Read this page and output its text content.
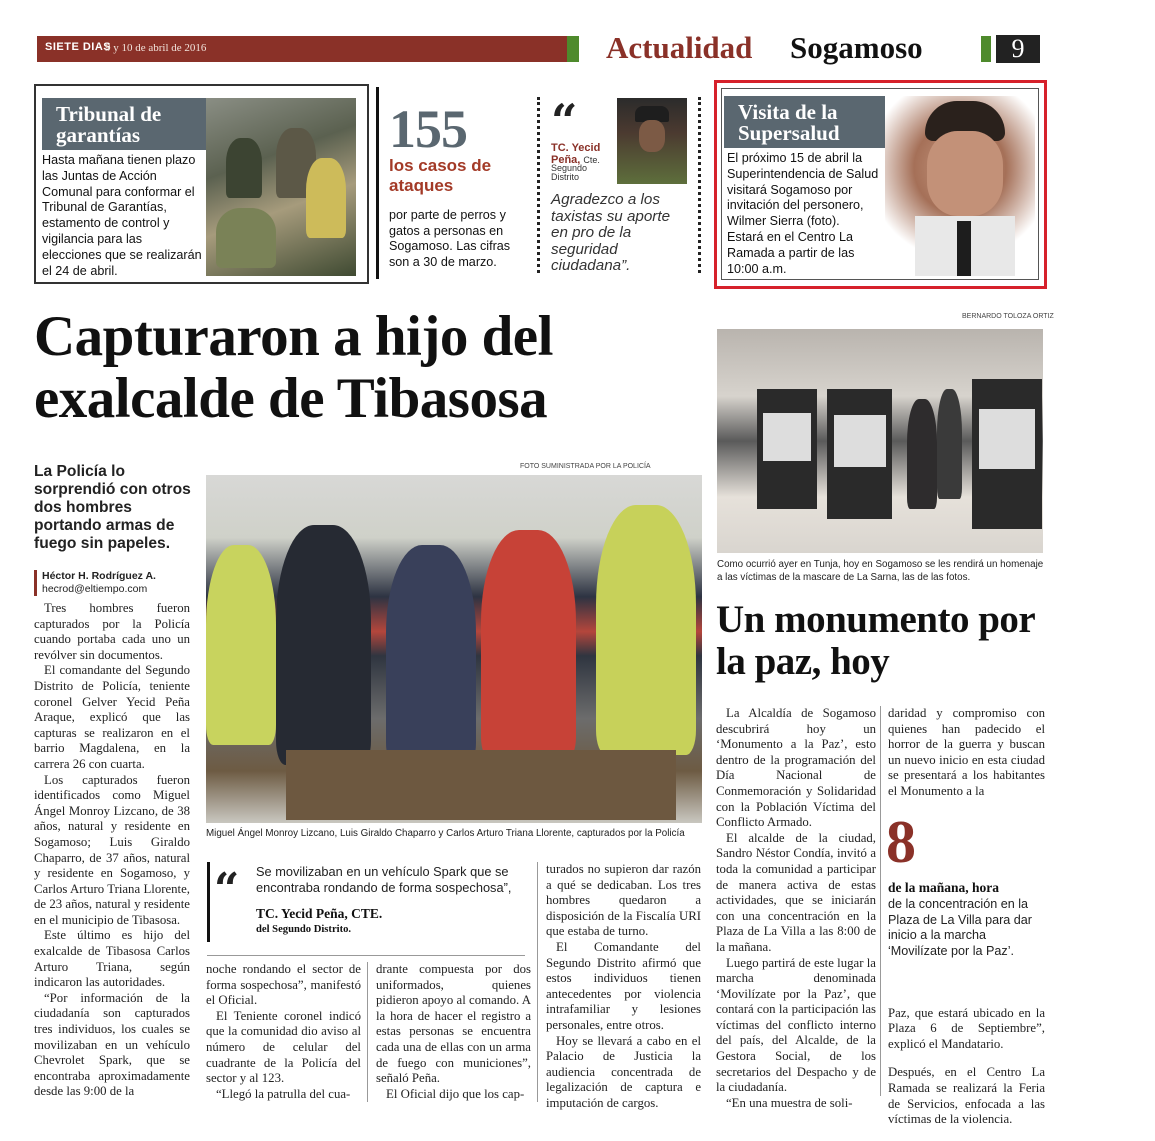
SIETE DIAS
9 y 10 de abril de 2016	Actualidad Sogamoso	9
Tribunal de garantías
Hasta mañana tienen plazo las Juntas de Acción Comunal para conformar el Tribunal de Garantías, estamento de control y vigilancia para las elecciones que se realizarán el 24 de abril.
155
los casos de ataques
por parte de perros y gatos a personas en Sogamoso. Las cifras son a 30 de marzo.
“
TC. Yecid Peña, Cte.
Segundo Distrito
Agradezco a los taxistas su aporte en pro de la seguridad ciudadana”.
Visita de la Supersalud
El próximo 15 de abril la Superintendencia de Salud visitará Sogamoso por invitación del personero, Wilmer Sierra (foto). Estará en el Centro La Ramada a partir de las 10:00 a.m.
Capturaron a hijo del exalcalde de Tibasosa
La Policía lo sorprendió con otros dos hombres portando armas de fuego sin papeles.
Héctor H. Rodríguez A.
hecrod@eltiempo.com
FOTO SUMINISTRADA POR LA POLICÍA
Miguel Ángel Monroy Lizcano, Luis Giraldo Chaparro y Carlos Arturo Triana Llorente, capturados por la Policía

Tres hombres fueron capturados por la Policía cuando portaba cada uno un revólver sin documentos.

El comandante del Segundo Distrito de Policía, teniente coronel Gelver Yecid Peña Araque, explicó que las capturas se realizaron en el barrio Magdalena, en la carrera 26 con cuarta.

Los capturados fueron identificados como Miguel Ángel Monroy Lizcano, de 38 años, natural y residente en Sogamoso; Luis Giraldo Chaparro, de 37 años, natural y residente en Sogamoso, y Carlos Arturo Triana Llorente, de 23 años, natural y residente en el municipio de Tibasosa.

Este último es hijo del exalcalde de Tibasosa Carlos Arturo Triana, según indicaron las autoridades.

“Por información de la ciudadanía son capturados tres individuos, los cuales se movilizaban en un vehículo Chevrolet Spark, que se encontraba aproximadamente desde las 9:00 de la

“ Se movilizaban en un vehículo Spark que se encontraba rondando de forma sospechosa”,
TC. Yecid Peña, CTE.
del Segundo Distrito.

noche rondando el sector de forma sospechosa”, manifestó el Oficial.

El Teniente coronel indicó que la comunidad dio aviso al número de celular del cuadrante de la Policía del sector y al 123.

“Llegó la patrulla del cua-

drante compuesta por dos uniformados, quienes pidieron apoyo al comando. A la hora de hacer el registro a estas personas se encuentra cada una de ellas con un arma de fuego con municiones”, señaló Peña.

El Oficial dijo que los cap-

turados no supieron dar razón a qué se dedicaban. Los tres hombres quedaron a disposición de la Fiscalía URI que estaba de turno.

El Comandante del Segundo Distrito afirmó que estos individuos tienen antecedentes por violencia intrafamiliar y lesiones personales, entre otros.

Hoy se llevará a cabo en el Palacio de Justicia la audiencia concentrada de legalización de captura e imputación de cargos.

BERNARDO TOLOZA ORTIZ
Como ocurrió ayer en Tunja, hoy en Sogamoso se les rendirá un homenaje a las víctimas de la mascare de La Sarna, las de las fotos.
Un monumento por la paz, hoy

La Alcaldía de Sogamoso descubrirá hoy un ‘Monumento a la Paz’, esto dentro de la programación del Día Nacional de Conmemoración y Solidaridad con la Población Víctima del Conflicto Armado.

El alcalde de la ciudad, Sandro Néstor Condía, invitó a toda la comunidad a participar de manera activa de estas actividades, que se iniciarán con una concentración en la Plaza de La Villa a las 8:00 de la mañana.

Luego partirá de este lugar la marcha denominada ‘Movilízate por la Paz’, que contará con la participación las víctimas del conflicto interno del país, del Alcalde, de la Gestora Social, de los secretarios del Despacho y de la ciudadanía.

“En una muestra de soli-

daridad y compromiso con quienes han padecido el horror de la guerra y buscan un nuevo inicio en esta ciudad se presentará a los habitantes el Monumento a la

8
de la mañana, hora
de la concentración en la Plaza de La Villa para dar inicio a la marcha ‘Movilízate por la Paz’.

Paz, que estará ubicado en la Plaza 6 de Septiembre”, explicó el Mandatario.

Después, en el Centro La Ramada se realizará la Feria de Servicios, enfocada a las víctimas de la violencia.
